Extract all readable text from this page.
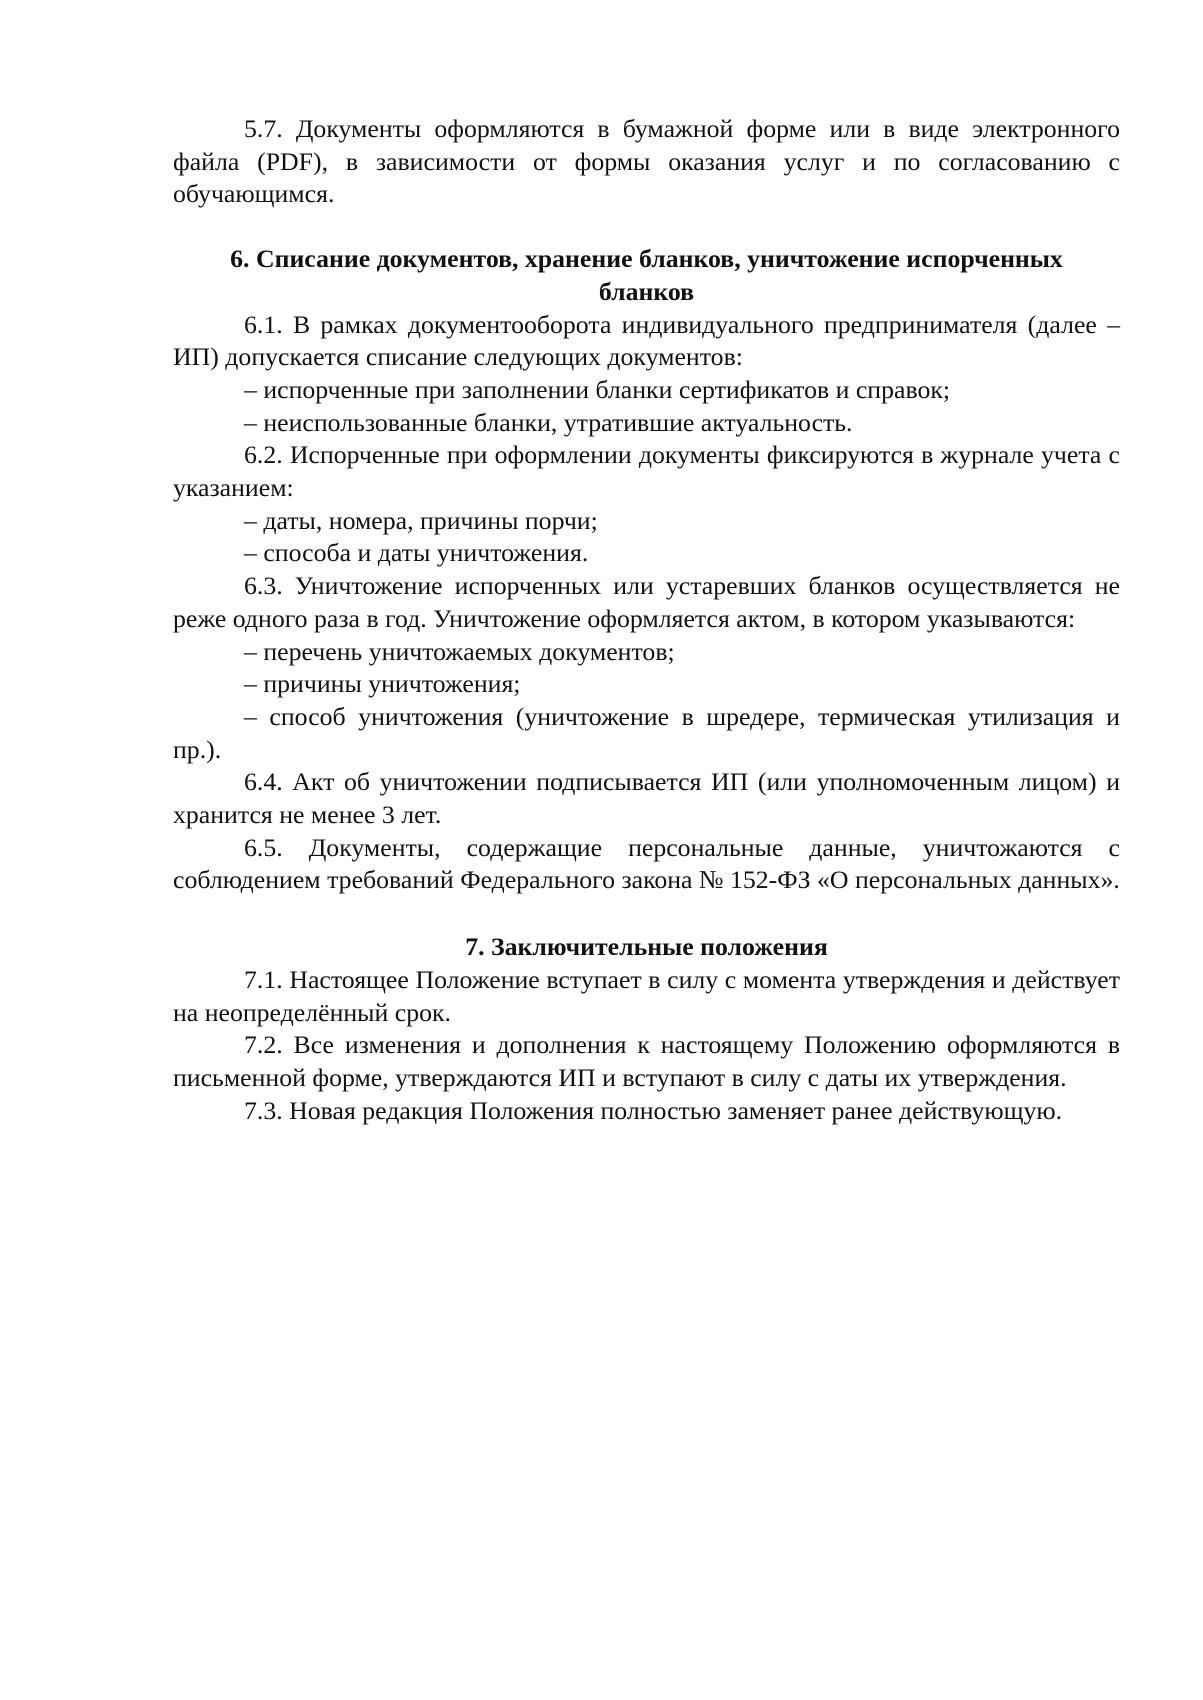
5.7. Документы оформляются в бумажной форме или в виде электронного файла (PDF), в зависимости от формы оказания услуг и по согласованию с обучающимся.

6. Списание документов, хранение бланков, уничтожение испорченных

бланков

6.1. В рамках документооборота индивидуального предпринимателя (далее – ИП) допускается списание следующих документов:

– испорченные при заполнении бланки сертификатов и справок;

– неиспользованные бланки, утратившие актуальность.

6.2. Испорченные при оформлении документы фиксируются в журнале учета с указанием:

– даты, номера, причины порчи;

– способа и даты уничтожения.

6.3. Уничтожение испорченных или устаревших бланков осуществляется не реже одного раза в год. Уничтожение оформляется актом, в котором указываются:

– перечень уничтожаемых документов;

– причины уничтожения;

– способ уничтожения (уничтожение в шредере, термическая утилизация и пр.).

6.4. Акт об уничтожении подписывается ИП (или уполномоченным лицом) и хранится не менее 3 лет.

6.5. Документы, содержащие персональные данные, уничтожаются с соблюдением требований Федерального закона № 152-ФЗ «О персональных данных».

7. Заключительные положения

7.1. Настоящее Положение вступает в силу с момента утверждения и действует на неопределённый срок.

7.2. Все изменения и дополнения к настоящему Положению оформляются в письменной форме, утверждаются ИП и вступают в силу с даты их утверждения.

7.3. Новая редакция Положения полностью заменяет ранее действующую.
